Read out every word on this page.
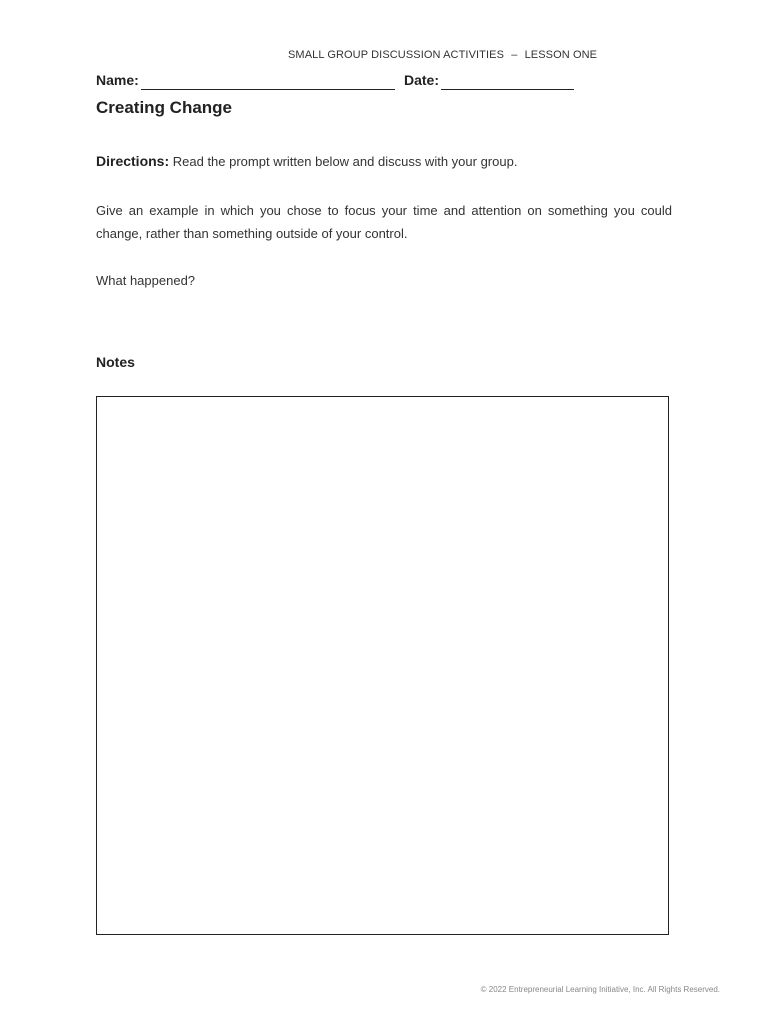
SMALL GROUP DISCUSSION ACTIVITIES – LESSON ONE
Name:	Date:
Creating Change
Directions: Read the prompt written below and discuss with your group.
Give an example in which you chose to focus your time and attention on something you could change, rather than something outside of your control.
What happened?
Notes
© 2022 Entrepreneurial Learning Initiative, Inc. All Rights Reserved.
